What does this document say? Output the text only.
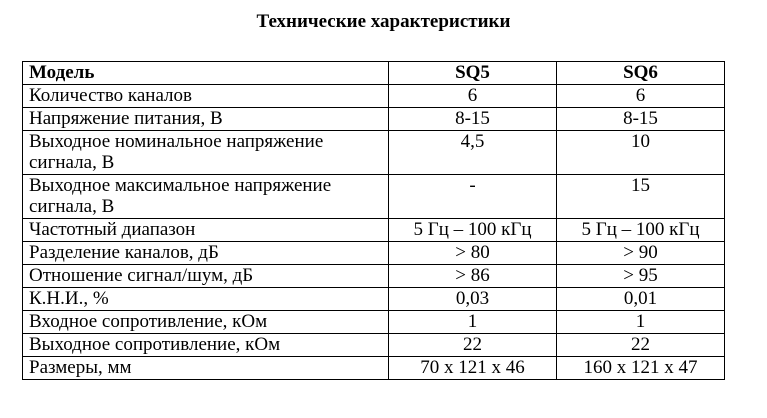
Технические характеристики
Модель	SQ5	SQ6
Количество каналов	6	6
Напряжение питания, В	8-15	8-15
Выходное номинальное напряжение сигнала, В	4,5	10
Выходное максимальное напряжение сигнала, В	-	15
Частотный диапазон	5 Гц – 100 кГц	5 Гц – 100 кГц
Разделение каналов, дБ	> 80	> 90
Отношение сигнал/шум, дБ	> 86	> 95
К.Н.И., %	0,03	0,01
Входное сопротивление, кОм	1	1
Выходное сопротивление, кОм	22	22
Размеры, мм	70 x 121 x 46	160 x 121 x 47
